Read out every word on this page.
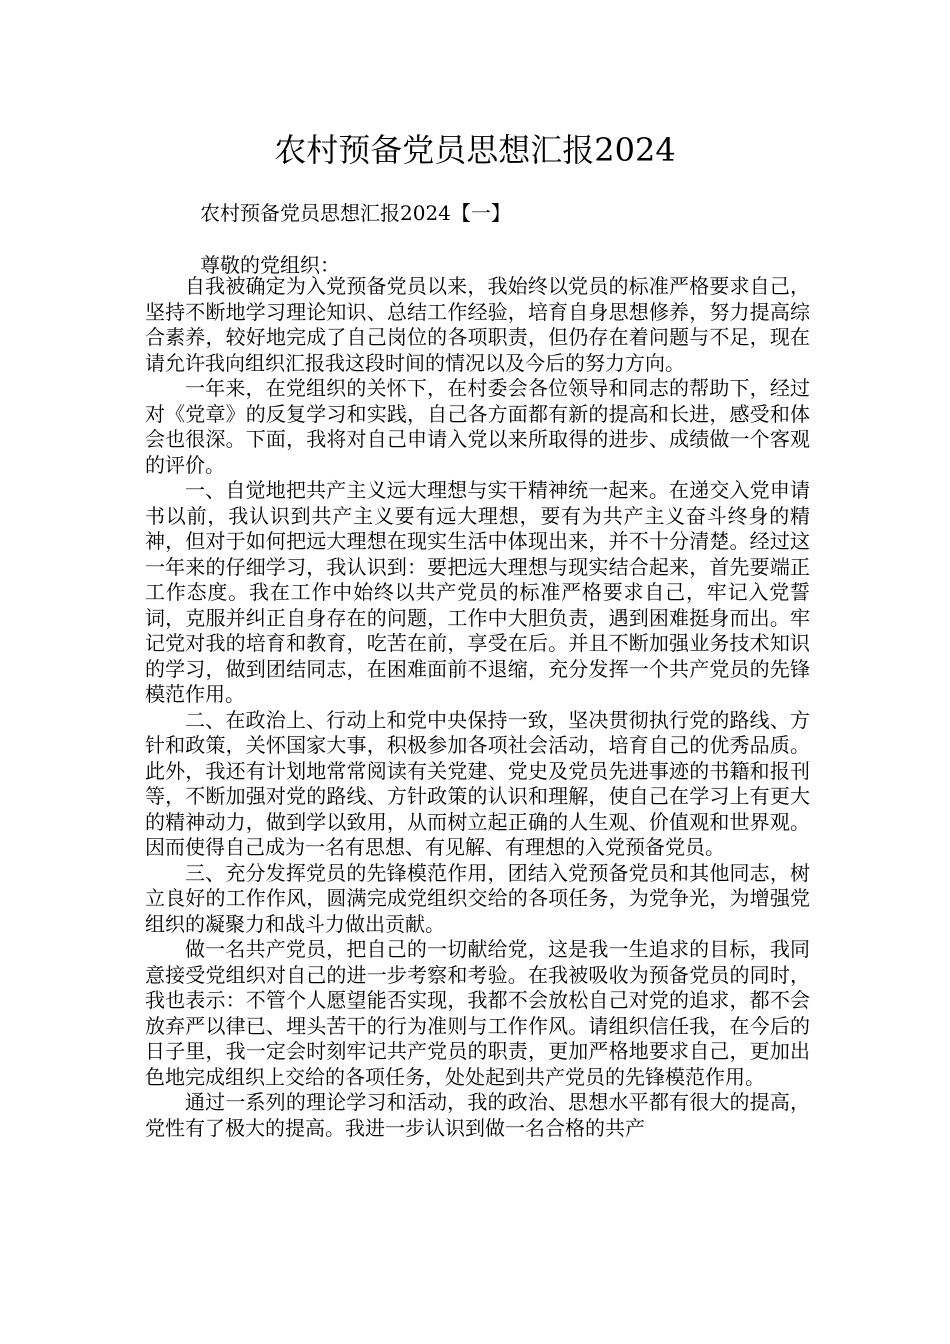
农村预备党员思想汇报2024
农村预备党员思想汇报2024【一】
尊敬的党组织：

自我被确定为入党预备党员以来，我始终以党员的标准严格要求自己，坚持不断地学习理论知识、总结工作经验，培育自身思想修养，努力提高综合素养，较好地完成了自己岗位的各项职责，但仍存在着问题与不足，现在请允许我向组织汇报我这段时间的情况以及今后的努力方向。

一年来，在党组织的关怀下，在村委会各位领导和同志的帮助下，经过对《党章》的反复学习和实践，自己各方面都有新的提高和长进，感受和体会也很深。下面，我将对自己申请入党以来所取得的进步、成绩做一个客观的评价。

一、自觉地把共产主义远大理想与实干精神统一起来。在递交入党申请书以前，我认识到共产主义要有远大理想，要有为共产主义奋斗终身的精神，但对于如何把远大理想在现实生活中体现出来，并不十分清楚。经过这一年来的仔细学习，我认识到：要把远大理想与现实结合起来，首先要端正工作态度。我在工作中始终以共产党员的标准严格要求自己，牢记入党誓词，克服并纠正自身存在的问题，工作中大胆负责，遇到困难挺身而出。牢记党对我的培育和教育，吃苦在前，享受在后。并且不断加强业务技术知识的学习，做到团结同志，在困难面前不退缩，充分发挥一个共产党员的先锋模范作用。

二、在政治上、行动上和党中央保持一致，坚决贯彻执行党的路线、方针和政策，关怀国家大事，积极参加各项社会活动，培育自己的优秀品质。此外，我还有计划地常常阅读有关党建、党史及党员先进事迹的书籍和报刊等，不断加强对党的路线、方针政策的认识和理解，使自己在学习上有更大的精神动力，做到学以致用，从而树立起正确的人生观、价值观和世界观。因而使得自己成为一名有思想、有见解、有理想的入党预备党员。

三、充分发挥党员的先锋模范作用，团结入党预备党员和其他同志，树立良好的工作作风，圆满完成党组织交给的各项任务，为党争光，为增强党组织的凝聚力和战斗力做出贡献。

做一名共产党员，把自己的一切献给党，这是我一生追求的目标，我同意接受党组织对自己的进一步考察和考验。在我被吸收为预备党员的同时，我也表示：不管个人愿望能否实现，我都不会放松自己对党的追求，都不会放弃严以律已、埋头苦干的行为准则与工作作风。请组织信任我，在今后的日子里，我一定会时刻牢记共产党员的职责，更加严格地要求自己，更加出色地完成组织上交给的各项任务，处处起到共产党员的先锋模范作用。

通过一系列的理论学习和活动，我的政治、思想水平都有很大的提高，党性有了极大的提高。我进一步认识到做一名合格的共产
